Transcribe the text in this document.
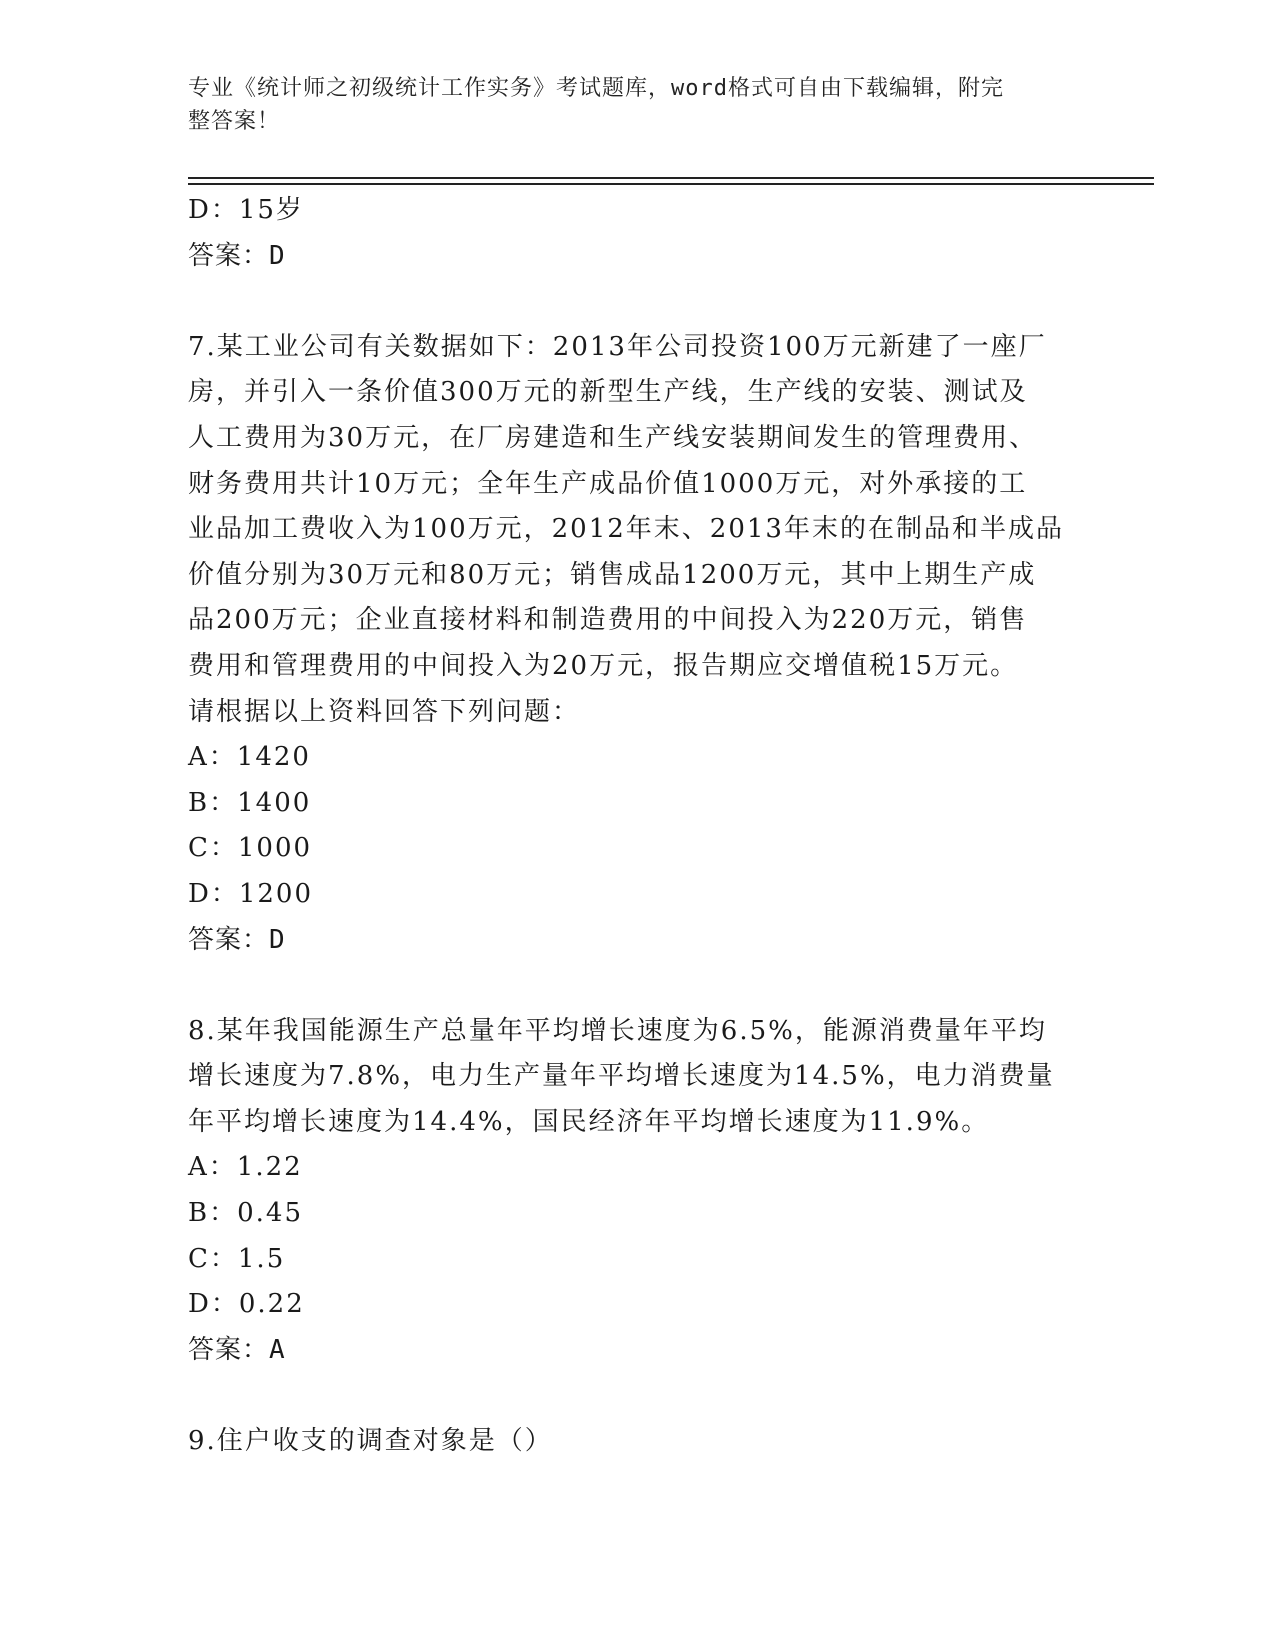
专业《统计师之初级统计工作实务》考试题库，word格式可自由下载编辑，附完
整答案！
D：15岁
答案：D
7.某工业公司有关数据如下：2013年公司投资100万元新建了一座厂
房，并引入一条价值300万元的新型生产线，生产线的安装、测试及
人工费用为30万元，在厂房建造和生产线安装期间发生的管理费用、
财务费用共计10万元；全年生产成品价值1000万元，对外承接的工
业品加工费收入为100万元，2012年末、2013年末的在制品和半成品
价值分别为30万元和80万元；销售成品1200万元，其中上期生产成
品200万元；企业直接材料和制造费用的中间投入为220万元，销售
费用和管理费用的中间投入为20万元，报告期应交增值税15万元。
请根据以上资料回答下列问题：
A：1420
B：1400
C：1000
D：1200
答案：D
8.某年我国能源生产总量年平均增长速度为6.5%，能源消费量年平均
增长速度为7.8%，电力生产量年平均增长速度为14.5%，电力消费量
年平均增长速度为14.4%，国民经济年平均增长速度为11.9%。
A：1.22
B：0.45
C：1.5
D：0.22
答案：A
9.住户收支的调查对象是（）
